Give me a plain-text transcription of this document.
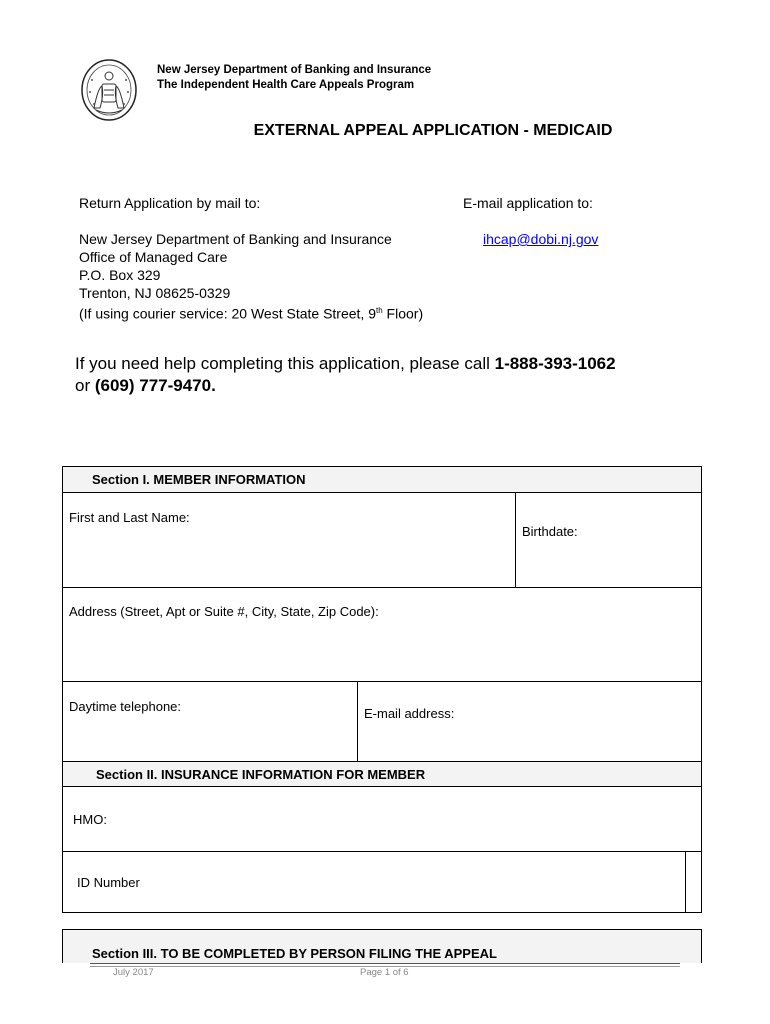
New Jersey Department of Banking and Insurance
The Independent Health Care Appeals Program
EXTERNAL APPEAL APPLICATION - MEDICAID
Return Application by mail to:	E-mail application to:
New Jersey Department of Banking and Insurance
Office of Managed Care
P.O. Box 329
Trenton, NJ 08625-0329
(If using courier service: 20 West State Street, 9th Floor)
ihcap@dobi.nj.gov
If you need help completing this application, please call 1-888-393-1062
or (609) 777-9470.
Section I. MEMBER INFORMATION
First and Last Name:
Birthdate:
Address (Street, Apt or Suite #, City, State, Zip Code):
Daytime telephone:	E-mail address:
Section II. INSURANCE INFORMATION FOR MEMBER
HMO:
ID Number
Section III. TO BE COMPLETED BY PERSON FILING THE APPEAL
July 2017	Page 1 of 6
